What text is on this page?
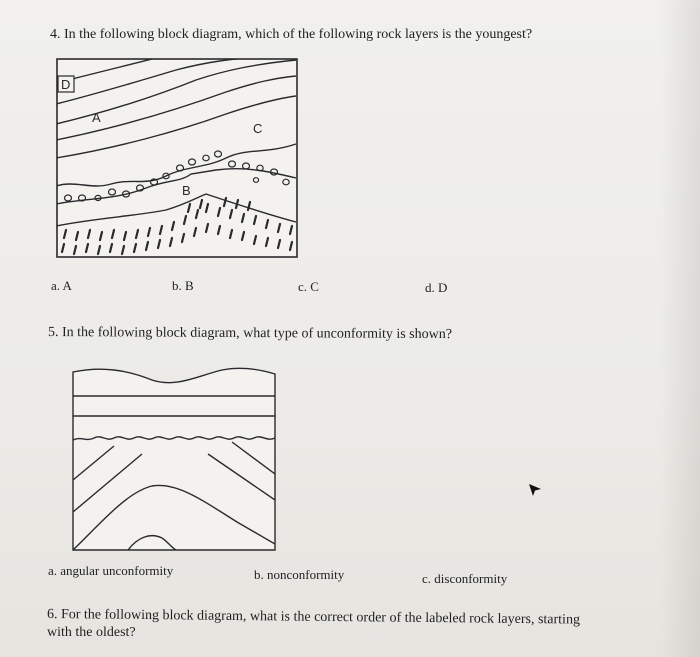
4. In the following block diagram, which of the following rock layers is the youngest?
D
A
C
B
a. A	b. B	c. C	d. D
5. In the following block diagram, what type of unconformity is shown?
a. angular unconformity	b. nonconformity	c. disconformity
6. For the following block diagram, what is the correct order of the labeled rock layers, starting
with the oldest?
